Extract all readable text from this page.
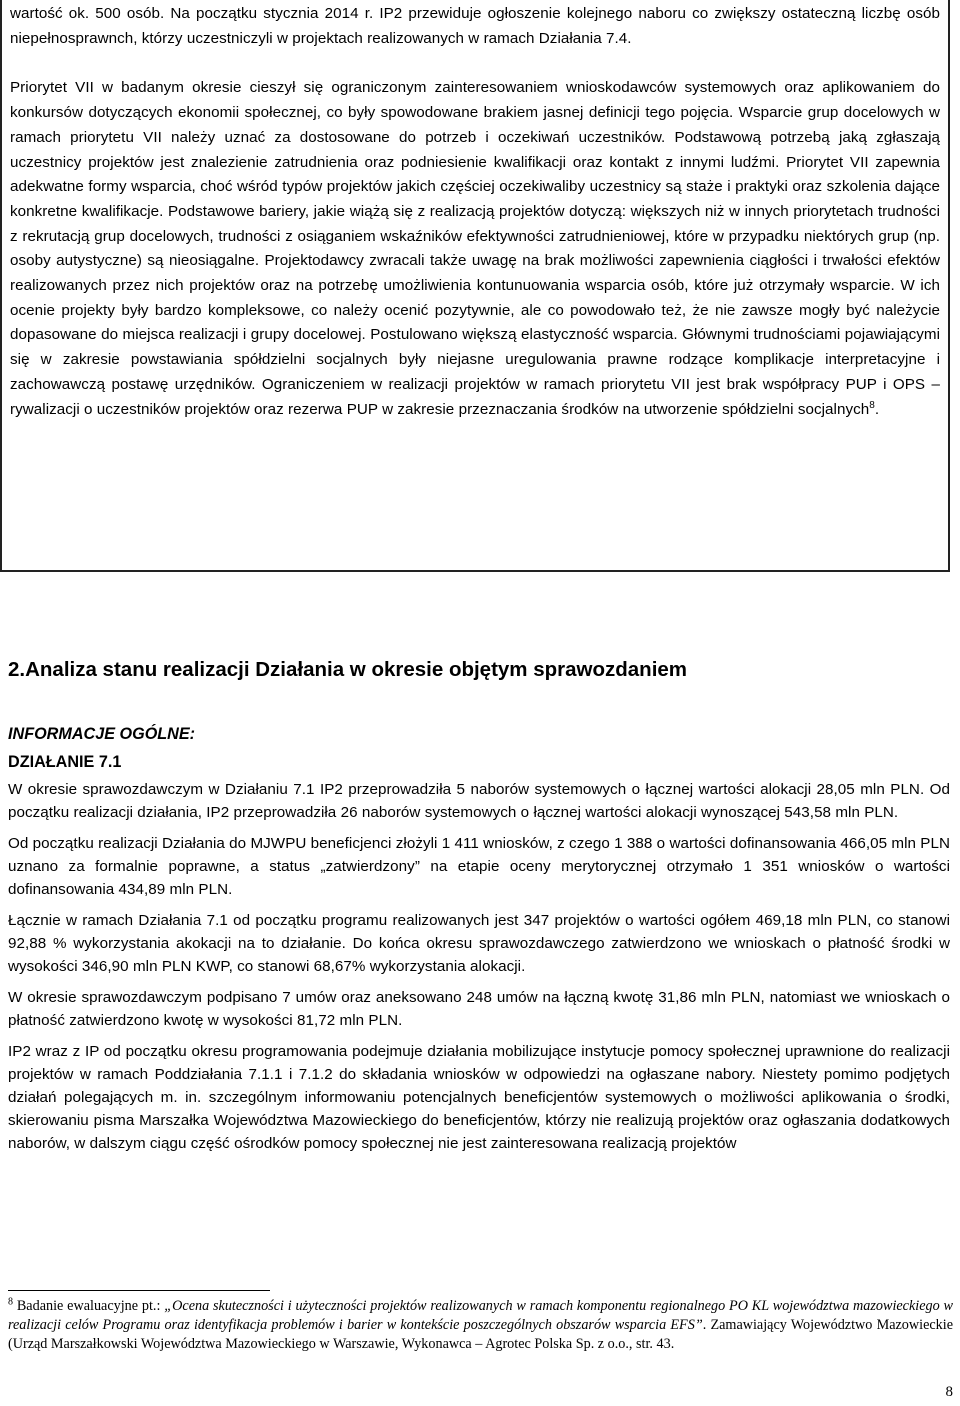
wartość ok. 500 osób. Na początku stycznia 2014 r. IP2 przewiduje ogłoszenie kolejnego naboru co zwiększy ostateczną liczbę osób niepełnosprawnch, którzy uczestniczyli w projektach realizowanych w ramach Działania 7.4.

Priorytet VII w badanym okresie cieszył się ograniczonym zainteresowaniem wnioskodawców systemowych oraz aplikowaniem do konkursów dotyczących ekonomii społecznej, co były spowodowane brakiem jasnej definicji tego pojęcia. Wsparcie grup docelowych w ramach priorytetu VII należy uznać za dostosowane do potrzeb i oczekiwań uczestników. Podstawową potrzebą jaką zgłaszają uczestnicy projektów jest znalezienie zatrudnienia oraz podniesienie kwalifikacji oraz kontakt z innymi ludźmi. Priorytet VII zapewnia adekwatne formy wsparcia, choć wśród typów projektów jakich częściej oczekiwaliby uczestnicy są staże i praktyki oraz szkolenia dające konkretne kwalifikacje. Podstawowe bariery, jakie wiążą się z realizacją projektów dotyczą: większych niż w innych priorytetach trudności z rekrutacją grup docelowych, trudności z osiąganiem wskaźników efektywności zatrudnieniowej, które w przypadku niektórych grup (np. osoby autystyczne) są nieosiągalne. Projektodawcy zwracali także uwagę na brak możliwości zapewnienia ciągłości i trwałości efektów realizowanych przez nich projektów oraz na potrzebę umożliwienia kontunuowania wsparcia osób, które już otrzymały wsparcie. W ich ocenie projekty były bardzo kompleksowe, co należy ocenić pozytywnie, ale co powodowało też, że nie zawsze mogły być należycie dopasowane do miejsca realizacji i grupy docelowej. Postulowano większą elastyczność wsparcia. Głównymi trudnościami pojawiającymi się w zakresie powstawiania spółdzielni socjalnych były niejasne uregulowania prawne rodzące komplikacje interpretacyjne i zachowawczą postawę urzędników. Ograniczeniem w realizacji projektów w ramach priorytetu VII jest brak współpracy PUP i OPS – rywalizacji o uczestników projektów oraz rezerwa PUP w zakresie przeznaczania środków na utworzenie spółdzielni socjalnych$^8$.

2.Analiza stanu realizacji Działania w okresie objętym sprawozdaniem

INFORMACJE OGÓLNE:

DZIAŁANIE 7.1

W okresie sprawozdawczym w Działaniu 7.1 IP2 przeprowadziła 5 naborów systemowych o łącznej wartości alokacji 28,05 mln PLN. Od początku realizacji działania, IP2 przeprowadziła 26 naborów systemowych o łącznej wartości alokacji wynoszącej 543,58 mln PLN.

Od początku realizacji Działania do MJWPU beneficjenci złożyli 1 411 wniosków, z czego 1 388 o wartości dofinansowania 466,05 mln PLN uznano za formalnie poprawne, a status „zatwierdzony” na etapie oceny merytorycznej otrzymało 1 351 wniosków o wartości dofinansowania 434,89 mln PLN.

Łącznie w ramach Działania 7.1 od początku programu realizowanych jest 347 projektów o wartości ogółem 469,18 mln PLN, co stanowi 92,88 % wykorzystania akokacji na to działanie. Do końca okresu sprawozdawczego zatwierdzono we wnioskach o płatność środki w wysokości 346,90 mln PLN KWP, co stanowi 68,67% wykorzystania alokacji.

W okresie sprawozdawczym podpisano 7 umów oraz aneksowano 248 umów na łączną kwotę 31,86 mln PLN, natomiast we wnioskach o płatność zatwierdzono kwotę w wysokości 81,72 mln PLN.

IP2 wraz z IP od początku okresu programowania podejmuje działania mobilizujące instytucje pomocy społecznej uprawnione do realizacji projektów w ramach Poddziałania 7.1.1 i 7.1.2 do składania wniosków w odpowiedzi na ogłaszane nabory. Niestety pomimo podjętych działań polegających m. in. szczególnym informowaniu potencjalnych beneficjentów systemowych o możliwości aplikowania o środki, skierowaniu pisma Marszałka Województwa Mazowieckiego do beneficjentów, którzy nie realizują projektów oraz ogłaszania dodatkowych naborów, w dalszym ciągu część ośrodków pomocy społecznej nie jest zainteresowana realizacją projektów

$^8$ Badanie ewaluacyjne pt.: „Ocena skuteczności i użyteczności projektów realizowanych w ramach komponentu regionalnego PO KL województwa mazowieckiego w realizacji celów Programu oraz identyfikacja problemów i barier w kontekście poszczególnych obszarów wsparcia EFS”. Zamawiający Województwo Mazowieckie (Urząd Marszałkowski Województwa Mazowieckiego w Warszawie, Wykonawca – Agrotec Polska Sp. z o.o., str. 43.

8
